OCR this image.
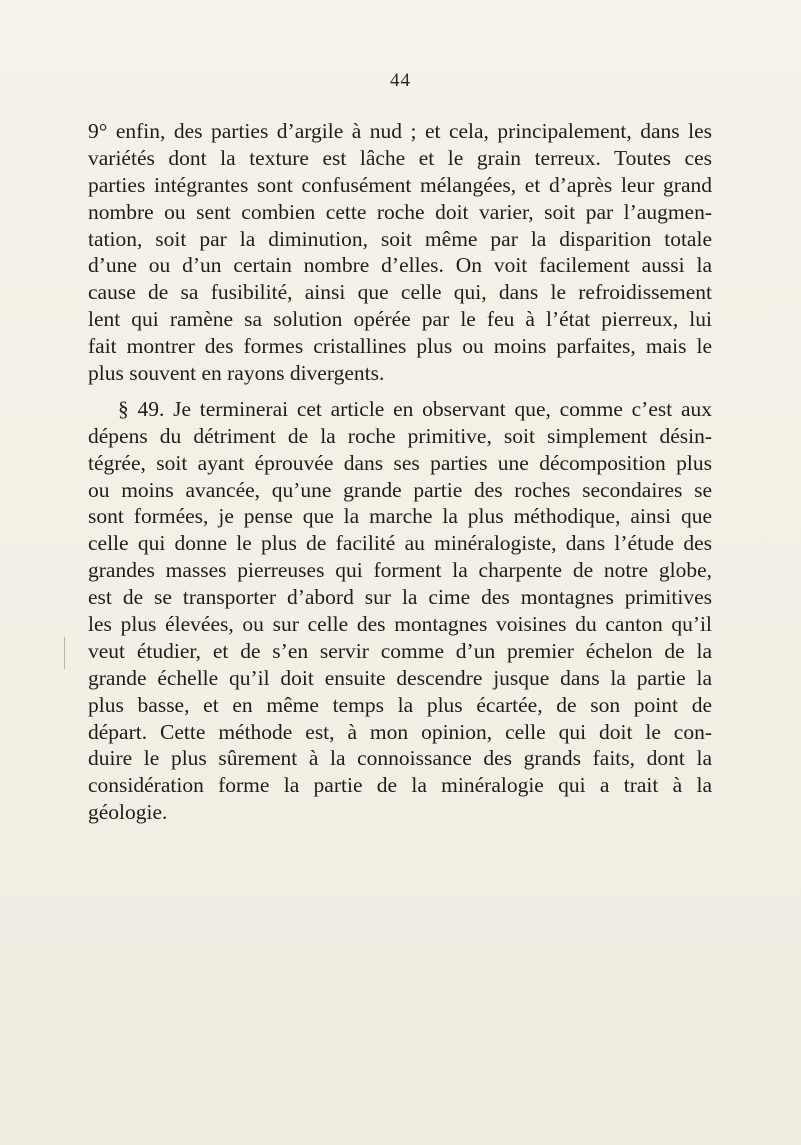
44
9° enfin, des parties d’argile à nud ; et cela, principalement, dans les
variétés dont la texture est lâche et le grain terreux. Toutes ces
parties intégrantes sont confusément mélangées, et d’après leur grand
nombre ou sent combien cette roche doit varier, soit par l’augmen-
tation, soit par la diminution, soit même par la disparition totale
d’une ou d’un certain nombre d’elles. On voit facilement aussi la
cause de sa fusibilité, ainsi que celle qui, dans le refroidissement
lent qui ramène sa solution opérée par le feu à l’état pierreux, lui
fait montrer des formes cristallines plus ou moins parfaites, mais le
plus souvent en rayons divergents.
§ 49. Je terminerai cet article en observant que, comme c’est aux
dépens du détriment de la roche primitive, soit simplement désin-
tégrée, soit ayant éprouvée dans ses parties une décomposition plus
ou moins avancée, qu’une grande partie des roches secondaires se
sont formées, je pense que la marche la plus méthodique, ainsi que
celle qui donne le plus de facilité au minéralogiste, dans l’étude des
grandes masses pierreuses qui forment la charpente de notre globe,
est de se transporter d’abord sur la cime des montagnes primitives
les plus élevées, ou sur celle des montagnes voisines du canton qu’il
veut étudier, et de s’en servir comme d’un premier échelon de la
grande échelle qu’il doit ensuite descendre jusque dans la partie la
plus basse, et en même temps la plus écartée, de son point de
départ. Cette méthode est, à mon opinion, celle qui doit le con-
duire le plus sûrement à la connoissance des grands faits, dont la
considération forme la partie de la minéralogie qui a trait à la
géologie.
